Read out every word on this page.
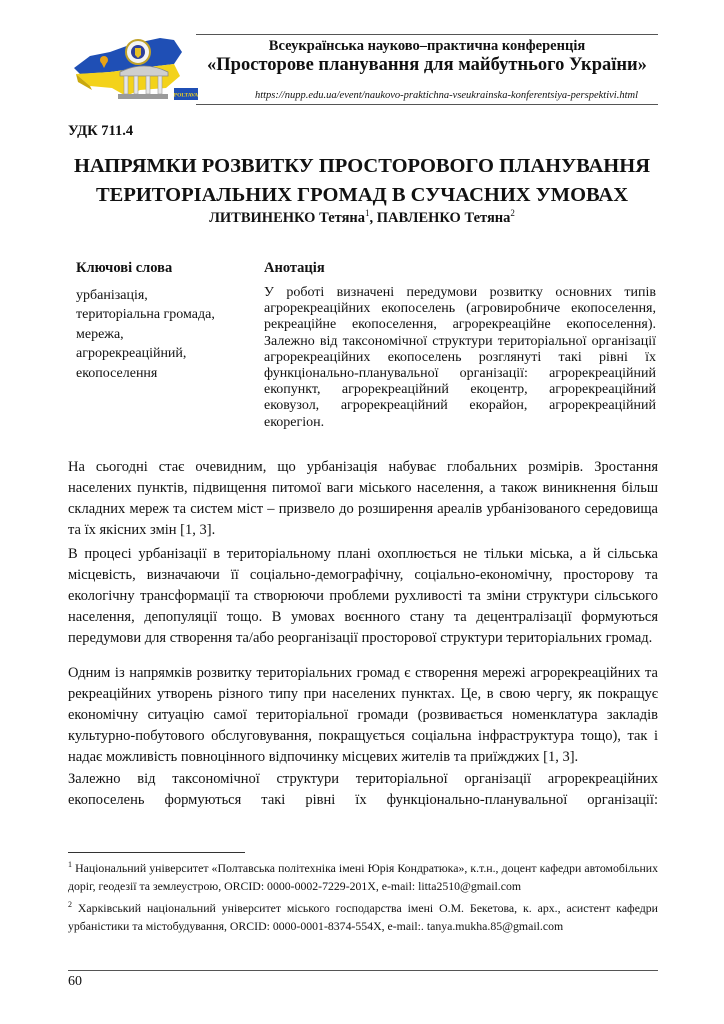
POLTAVA
Всеукраїнська науково–практична конференція
«Просторове планування для майбутнього України»
https://nupp.edu.ua/event/naukovo-praktichna-vseukrainska-konferentsiya-perspektivi.html
УДК 711.4
НАПРЯМКИ РОЗВИТКУ ПРОСТОРОВОГО ПЛАНУВАННЯ
ТЕРИТОРІАЛЬНИХ ГРОМАД В СУЧАСНИХ УМОВАХ
ЛИТВИНЕНКО Тетяна$^1$, ПАВЛЕНКО Тетяна$^2$
Ключові слова
урбанізація,
територіальна громада,
мережа,
агрорекреаційний,
екопоселення
Анотація
У роботі визначені передумови розвитку основних типів агрорекреаційних екопоселень (агровиробниче екопоселення, рекреаційне екопоселення, агрорекреаційне екопоселення). Залежно від таксономічної структури територіальної організації агрорекреаційних екопоселень розглянуті такі рівні їх функціонально-планувальної організації: агрорекреаційний екопункт, агрорекреаційний екоцентр, агрорекреаційний ековузол, агрорекреаційний екорайон, агрорекреаційний екорегіон.

На сьогодні стає очевидним, що урбанізація набуває глобальних розмірів. Зростання населених пунктів, підвищення питомої ваги міського населення, а також виникнення більш складних мереж та систем міст – призвело до розширення ареалів урбанізованого середовища та їх якісних змін [1, 3].

В процесі урбанізації в територіальному плані охоплюється не тільки міська, а й сільська місцевість, визначаючи її соціально-демографічну, соціально-економічну, просторову та екологічну трансформації та створюючи проблеми рухливості та зміни структури сільського населення, депопуляції тощо. В умовах воєнного стану та децентралізації формуються передумови для створення та/або реорганізації просторової структури територіальних громад.

Одним із напрямків розвитку територіальних громад є створення мережі агрорекреаційних та рекреаційних утворень різного типу при населених пунктах. Це, в свою чергу, як покращує економічну ситуацію самої територіальної громади (розвивається номенклатура закладів культурно-побутового обслуговування, покращується соціальна інфраструктура тощо), так і надає можливість повноцінного відпочинку місцевих жителів та приїжджих [1, 3].

Залежно від таксономічної структури територіальної організації агрорекреаційних екопоселень формуються такі рівні їх функціонально-планувальної організації:

$^1$ Національний університет «Полтавська політехніка імені Юрія Кондратюка», к.т.н., доцент кафедри автомобільних доріг, геодезії та землеустрою, ORCID: 0000-0002-7229-201X, e-mail: litta2510@gmail.com
$^2$ Харківський національний університет міського господарства імені О.М. Бекетова, к. арх., асистент кафедри урбаністики та містобудування, ORCID: 0000-0001-8374-554X, e-mail:. tanya.mukha.85@gmail.com
60
